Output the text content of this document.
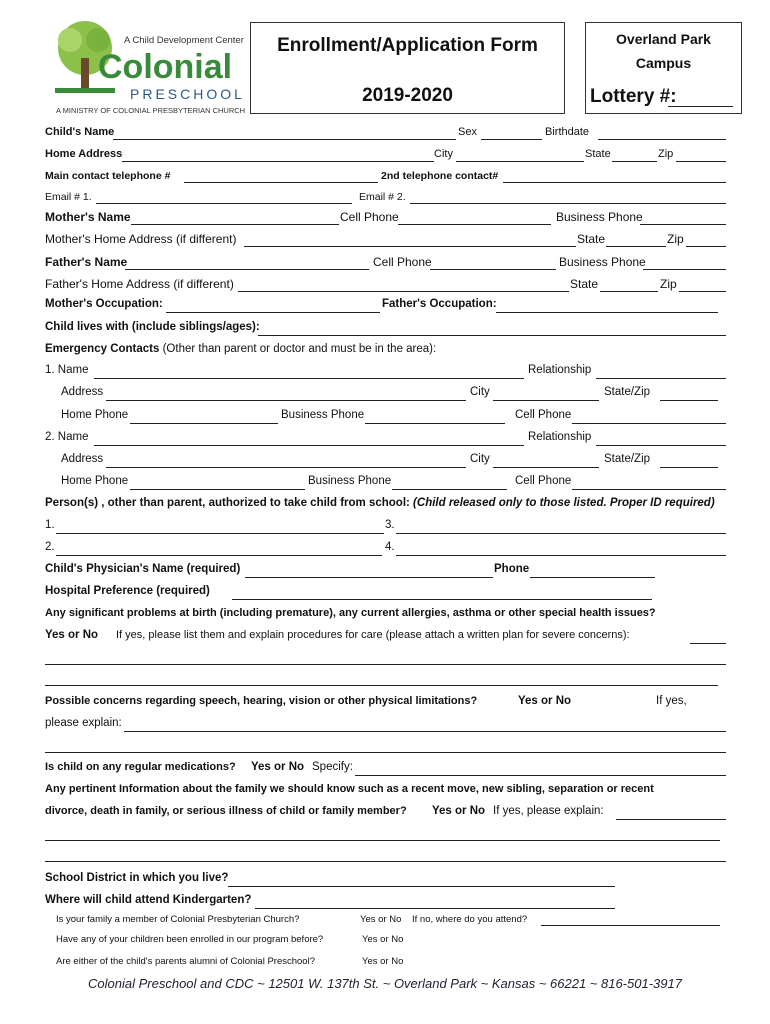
A Child Development Center
Colonial
PRESCHOOL
A MINISTRY OF COLONIAL PRESBYTERIAN CHURCH
Enrollment/Application Form
2019-2020
Overland Park
Campus
Lottery #:
Child's Name	Sex	Birthdate
Home Address	City	State	Zip
Main contact telephone #	2nd telephone contact#
Email # 1.	Email # 2.
Mother's Name	Cell Phone	Business Phone
Mother's Home Address (if different)	State	Zip
Father's Name	Cell Phone	Business Phone
Father's Home Address (if different)	State	Zip
Mother's Occupation:	Father's Occupation:
Child lives with (include siblings/ages):
Emergency Contacts (Other than parent or doctor and must be in the area):
1. Name	Relationship
Address	City	State/Zip
Home Phone	Business Phone	Cell Phone
2. Name	Relationship
Address	City	State/Zip
Home Phone	Business Phone	Cell Phone
Person(s) , other than parent, authorized to take child from school: (Child released only to those listed. Proper ID required)
1.	3.
2.	4.
Child's Physician's Name (required)	Phone
Hospital Preference (required)
Any significant problems at birth (including premature), any current allergies, asthma or other special health issues?
Yes or No If yes, please list them and explain procedures for care (please attach a written plan for severe concerns):
Possible concerns regarding speech, hearing, vision or other physical limitations?	Yes or No	If yes,
please explain:
Is child on any regular medications? Yes or No Specify:
Any pertinent Information about the family we should know such as a recent move, new sibling, separation or recent
divorce, death in family, or serious illness of child or family member? Yes or No If yes, please explain:
School District in which you live?
Where will child attend Kindergarten?
Is your family a member of Colonial Presbyterian Church?	Yes or No If no, where do you attend?
Have any of your children been enrolled in our program before?	Yes or No
Are either of the child's parents alumni of Colonial Preschool?	Yes or No
Colonial Preschool and CDC ~ 12501 W. 137th St. ~ Overland Park ~ Kansas ~ 66221 ~ 816-501-3917
